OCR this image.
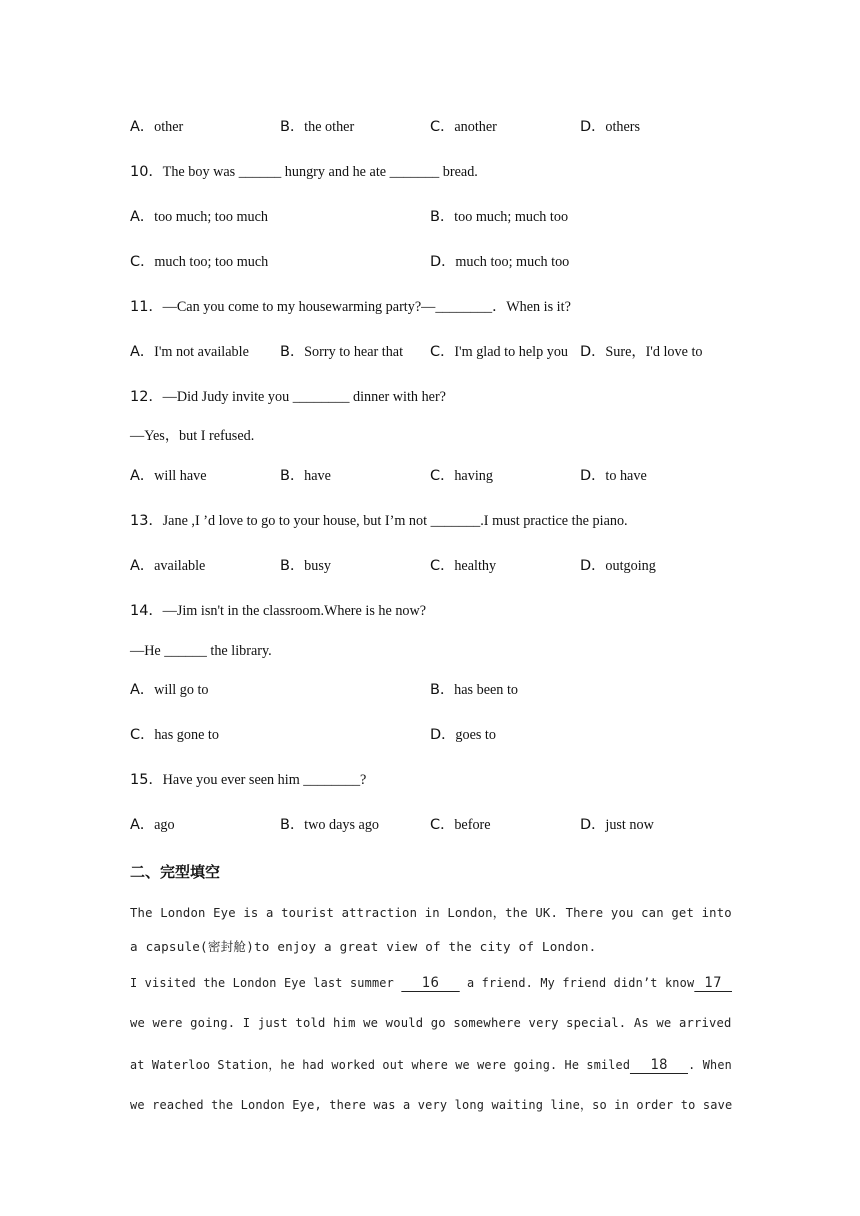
A．other	B．the other	C．another	D．others
10．The boy was ______ hungry and he ate _______ bread.
A．too much; too much	B．too much; much too
C．much too; too much	D．much too; much too
11．—Can you come to my housewarming party?—________．When is it?
A．I'm not available B．Sorry to hear that C．I'm glad to help you D．Sure，I'd love to
12．—Did Judy invite you ________ dinner with her?
—Yes，but I refused.
A．will have	B．have	C．having	D．to have
13．Jane ,I ’d love to go to your house, but I’m not _______.I must practice the piano.
A．available	B．busy	C．healthy	D．outgoing
14．—Jim isn't in the classroom.Where is he now?
—He ______ the library.
A．will go to	B．has been to
C．has gone to	D．goes to
15．Have you ever seen him ________?
A．ago	B．two days ago	C．before	D．just now
二、完型填空
The London Eye is a tourist attraction in London，the UK. There you can get into
a capsule(密封舱)to enjoy a great view of the city of London.
I visited the London Eye last summer 16 a friend. My friend didn’t know 17
we were going. I just told him we would go somewhere very special. As we arrived
at Waterloo Station，he had worked out where we were going. He smiled 18 . When
we reached the London Eye, there was a very long waiting line，so in order to save
